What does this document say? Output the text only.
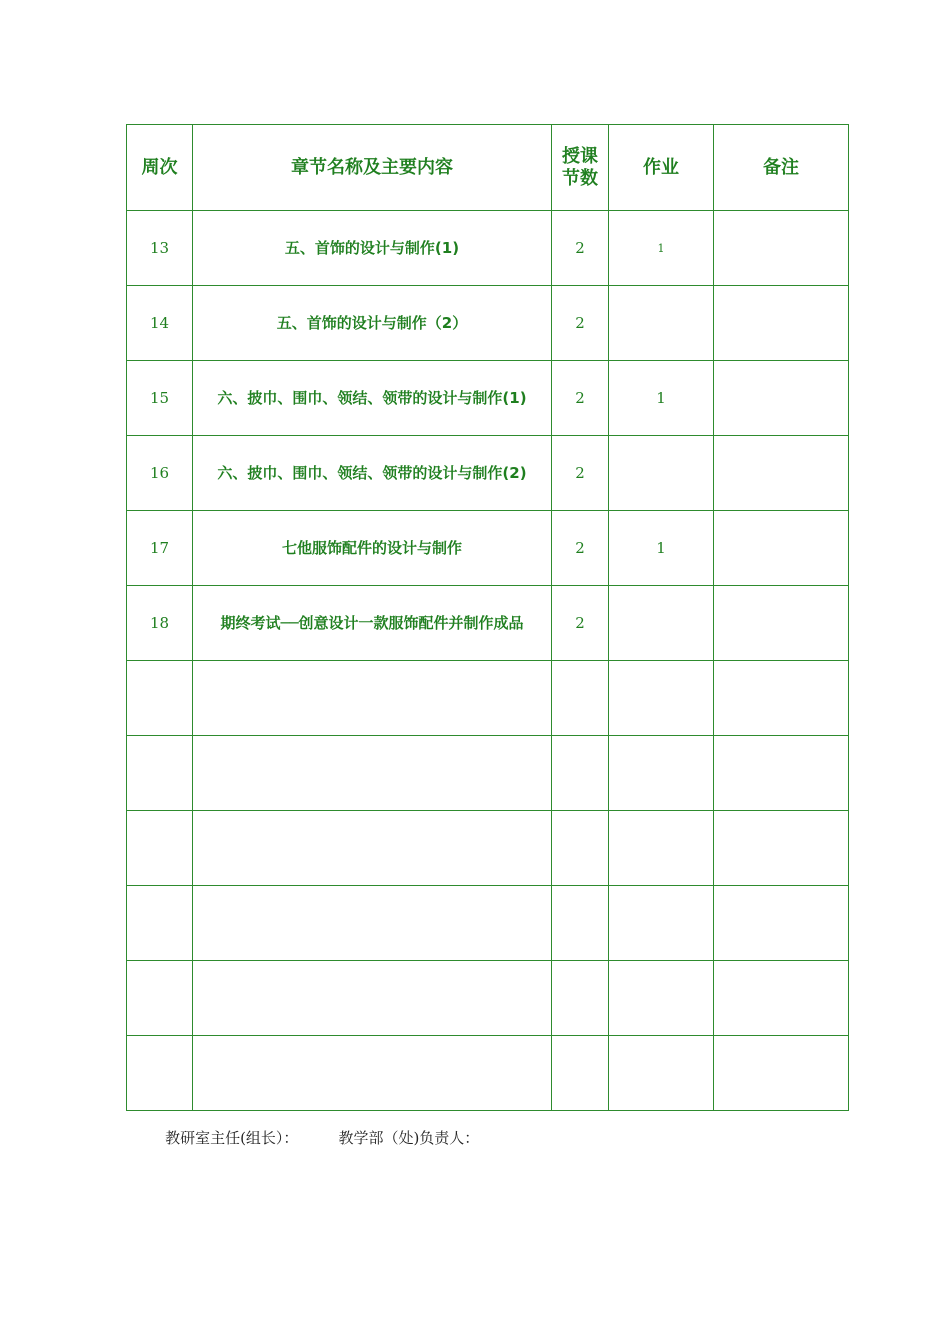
周次	章节名称及主要内容	授课节数	作业	备注
13	五、首饰的设计与制作(1)	2	1	
14	五、首饰的设计与制作（2）	2		
15	六、披巾、围巾、领结、领带的设计与制作(1)	2	1	
16	六、披巾、围巾、领结、领带的设计与制作(2)	2		
17	七他服饰配件的设计与制作	2	1	
18	期终考试──创意设计一款服饰配件并制作成品	2		

教研室主任(组长）：	教学部（处)负责人：
